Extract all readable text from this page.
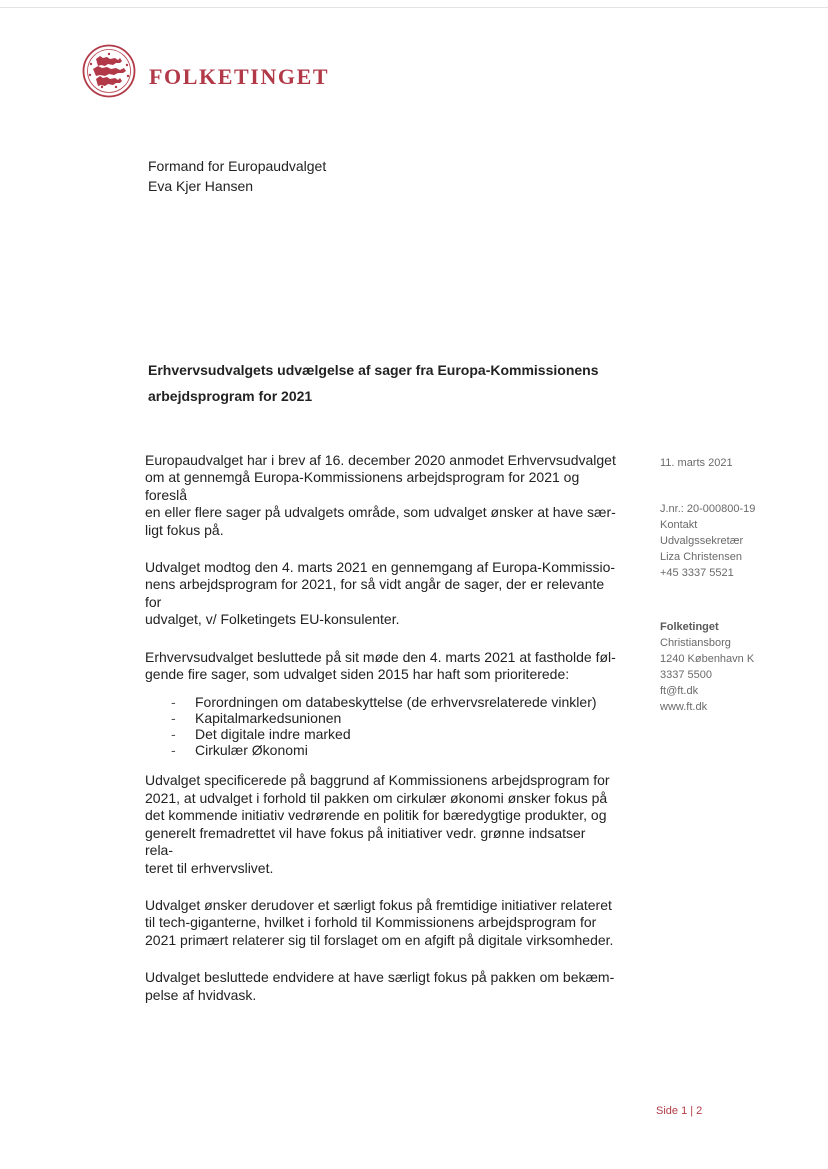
FOLKETINGET
Formand for Europaudvalget
Eva Kjer Hansen
Erhvervsudvalgets udvælgelse af sager fra Europa-Kommissionens
arbejdsprogram for 2021

Europaudvalget har i brev af 16. december 2020 anmodet Erhvervsudvalget
om at gennemgå Europa-Kommissionens arbejdsprogram for 2021 og foreslå
en eller flere sager på udvalgets område, som udvalget ønsker at have sær-
ligt fokus på.

Udvalget modtog den 4. marts 2021 en gennemgang af Europa-Kommissio-
nens arbejdsprogram for 2021, for så vidt angår de sager, der er relevante for
udvalget, v/ Folketingets EU-konsulenter.

Erhvervsudvalget besluttede på sit møde den 4. marts 2021 at fastholde føl-
gende fire sager, som udvalget siden 2015 har haft som prioriterede:

- Forordningen om databeskyttelse (de erhvervsrelaterede vinkler)
- Kapitalmarkedsunionen
- Det digitale indre marked
- Cirkulær Økonomi

Udvalget specificerede på baggrund af Kommissionens arbejdsprogram for
2021, at udvalget i forhold til pakken om cirkulær økonomi ønsker fokus på
det kommende initiativ vedrørende en politik for bæredygtige produkter, og
generelt fremadrettet vil have fokus på initiativer vedr. grønne indsatser rela-
teret til erhvervslivet.

Udvalget ønsker derudover et særligt fokus på fremtidige initiativer relateret
til tech-giganterne, hvilket i forhold til Kommissionens arbejdsprogram for
2021 primært relaterer sig til forslaget om en afgift på digitale virksomheder.

Udvalget besluttede endvidere at have særligt fokus på pakken om bekæm-
pelse af hvidvask.

11. marts 2021
J.nr.: 20-000800-19
Kontakt
Udvalgssekretær
Liza Christensen
+45 3337 5521
Folketinget
Christiansborg
1240 København K
3337 5500
ft@ft.dk
www.ft.dk
Side 1 | 2
